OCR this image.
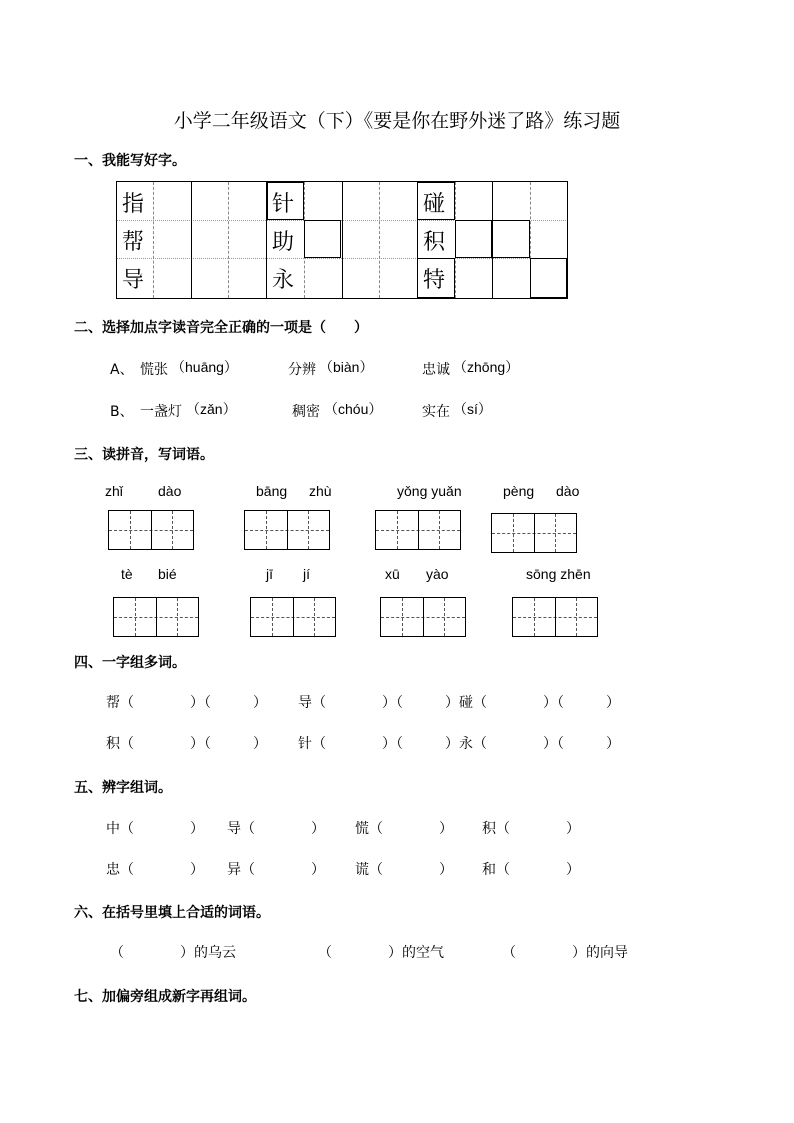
小学二年级语文（下）《要是你在野外迷了路》练习题
一、我能写好字。
指	针	碰
帮	助	积
导	永	特
二、选择加点字读音完全正确的一项是（　　）
A、 慌张 （huāng）	分辨 （biàn）	忠诚 （zhōng）
B、 一盏灯 （zǎn）	稠密 （chóu）	实在 （sí）
三、读拼音，写词语。
zhǐ	dào	bāng zhù	yǒng yuǎn	pèng dào
tè bié	jī jí	xū yào	sōng zhēn
四、一字组多词。
帮（　　　　）（　　　） 导（　　　　）（　　　）碰（　　　　）（　　　）
积（　　　　）（　　　） 针（　　　　）（　　　）永（　　　　）（　　　）
五、辨字组词。
中（　　　　） 导（　　　　） 慌（　　　　） 积（　　　　）
忠（　　　　） 异（　　　　） 谎（　　　　） 和（　　　　）
六、在括号里填上合适的词语。
（　　　　）的乌云	（　　　　）的空气	（　　　　）的向导
七、加偏旁组成新字再组词。
